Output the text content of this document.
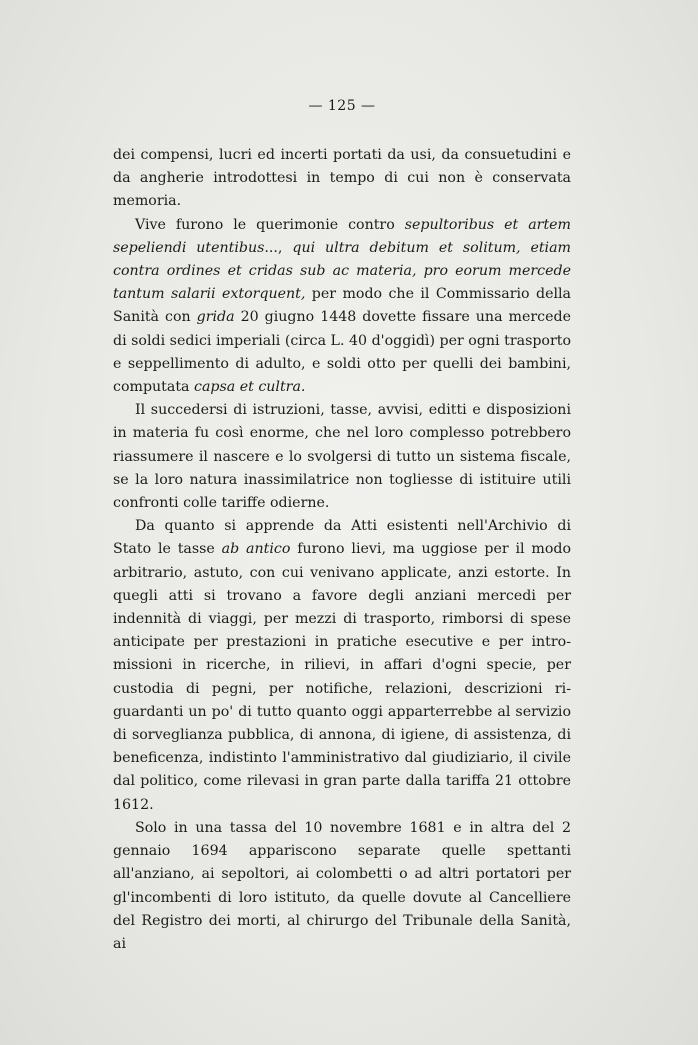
— 125 —

dei compensi, lucri ed incerti portati da usi, da consuetudini e da angherie introdottesi in tempo di cui non è conservata memoria.

Vive furono le querimonie contro sepultoribus et artem sepeliendi utentibus..., qui ultra debitum et solitum, etiam contra ordines et cridas sub ac materia, pro eorum mercede tantum salarii extorquent, per modo che il Commissario della Sanità con grida 20 giugno 1448 dovette fissare una mercede di soldi sedici imperiali (circa L. 40 d'oggidì) per ogni trasporto e seppellimento di adulto, e soldi otto per quelli dei bambini, computata capsa et cultra.

Il succedersi di istruzioni, tasse, avvisi, editti e disposizioni in materia fu così enorme, che nel loro complesso potrebbero riassumere il nascere e lo svolgersi di tutto un sistema fiscale, se la loro natura inassimilatrice non togliesse di istituire utili confronti colle tariffe odierne.

Da quanto si apprende da Atti esistenti nell'Archivio di Stato le tasse ab antico furono lievi, ma uggiose per il modo arbitrario, astuto, con cui venivano applicate, anzi estorte. In quegli atti si trovano a favore degli anziani mercedi per indennità di viaggi, per mezzi di trasporto, rimborsi di spese anticipate per prestazioni in pratiche esecutive e per intromissioni in ricerche, in rilievi, in affari d'ogni specie, per custodia di pegni, per notifiche, relazioni, descrizioni riguardanti un po' di tutto quanto oggi apparterrebbe al servizio di sorveglianza pubblica, di annona, di igiene, di assistenza, di beneficenza, indistinto l'amministrativo dal giudiziario, il civile dal politico, come rilevasi in gran parte dalla tariffa 21 ottobre 1612.

Solo in una tassa del 10 novembre 1681 e in altra del 2 gennaio 1694 appariscono separate quelle spettanti all'anziano, ai sepoltori, ai colombetti o ad altri portatori per gl'incombenti di loro istituto, da quelle dovute al Cancelliere del Registro dei morti, al chirurgo del Tribunale della Sanità, ai
